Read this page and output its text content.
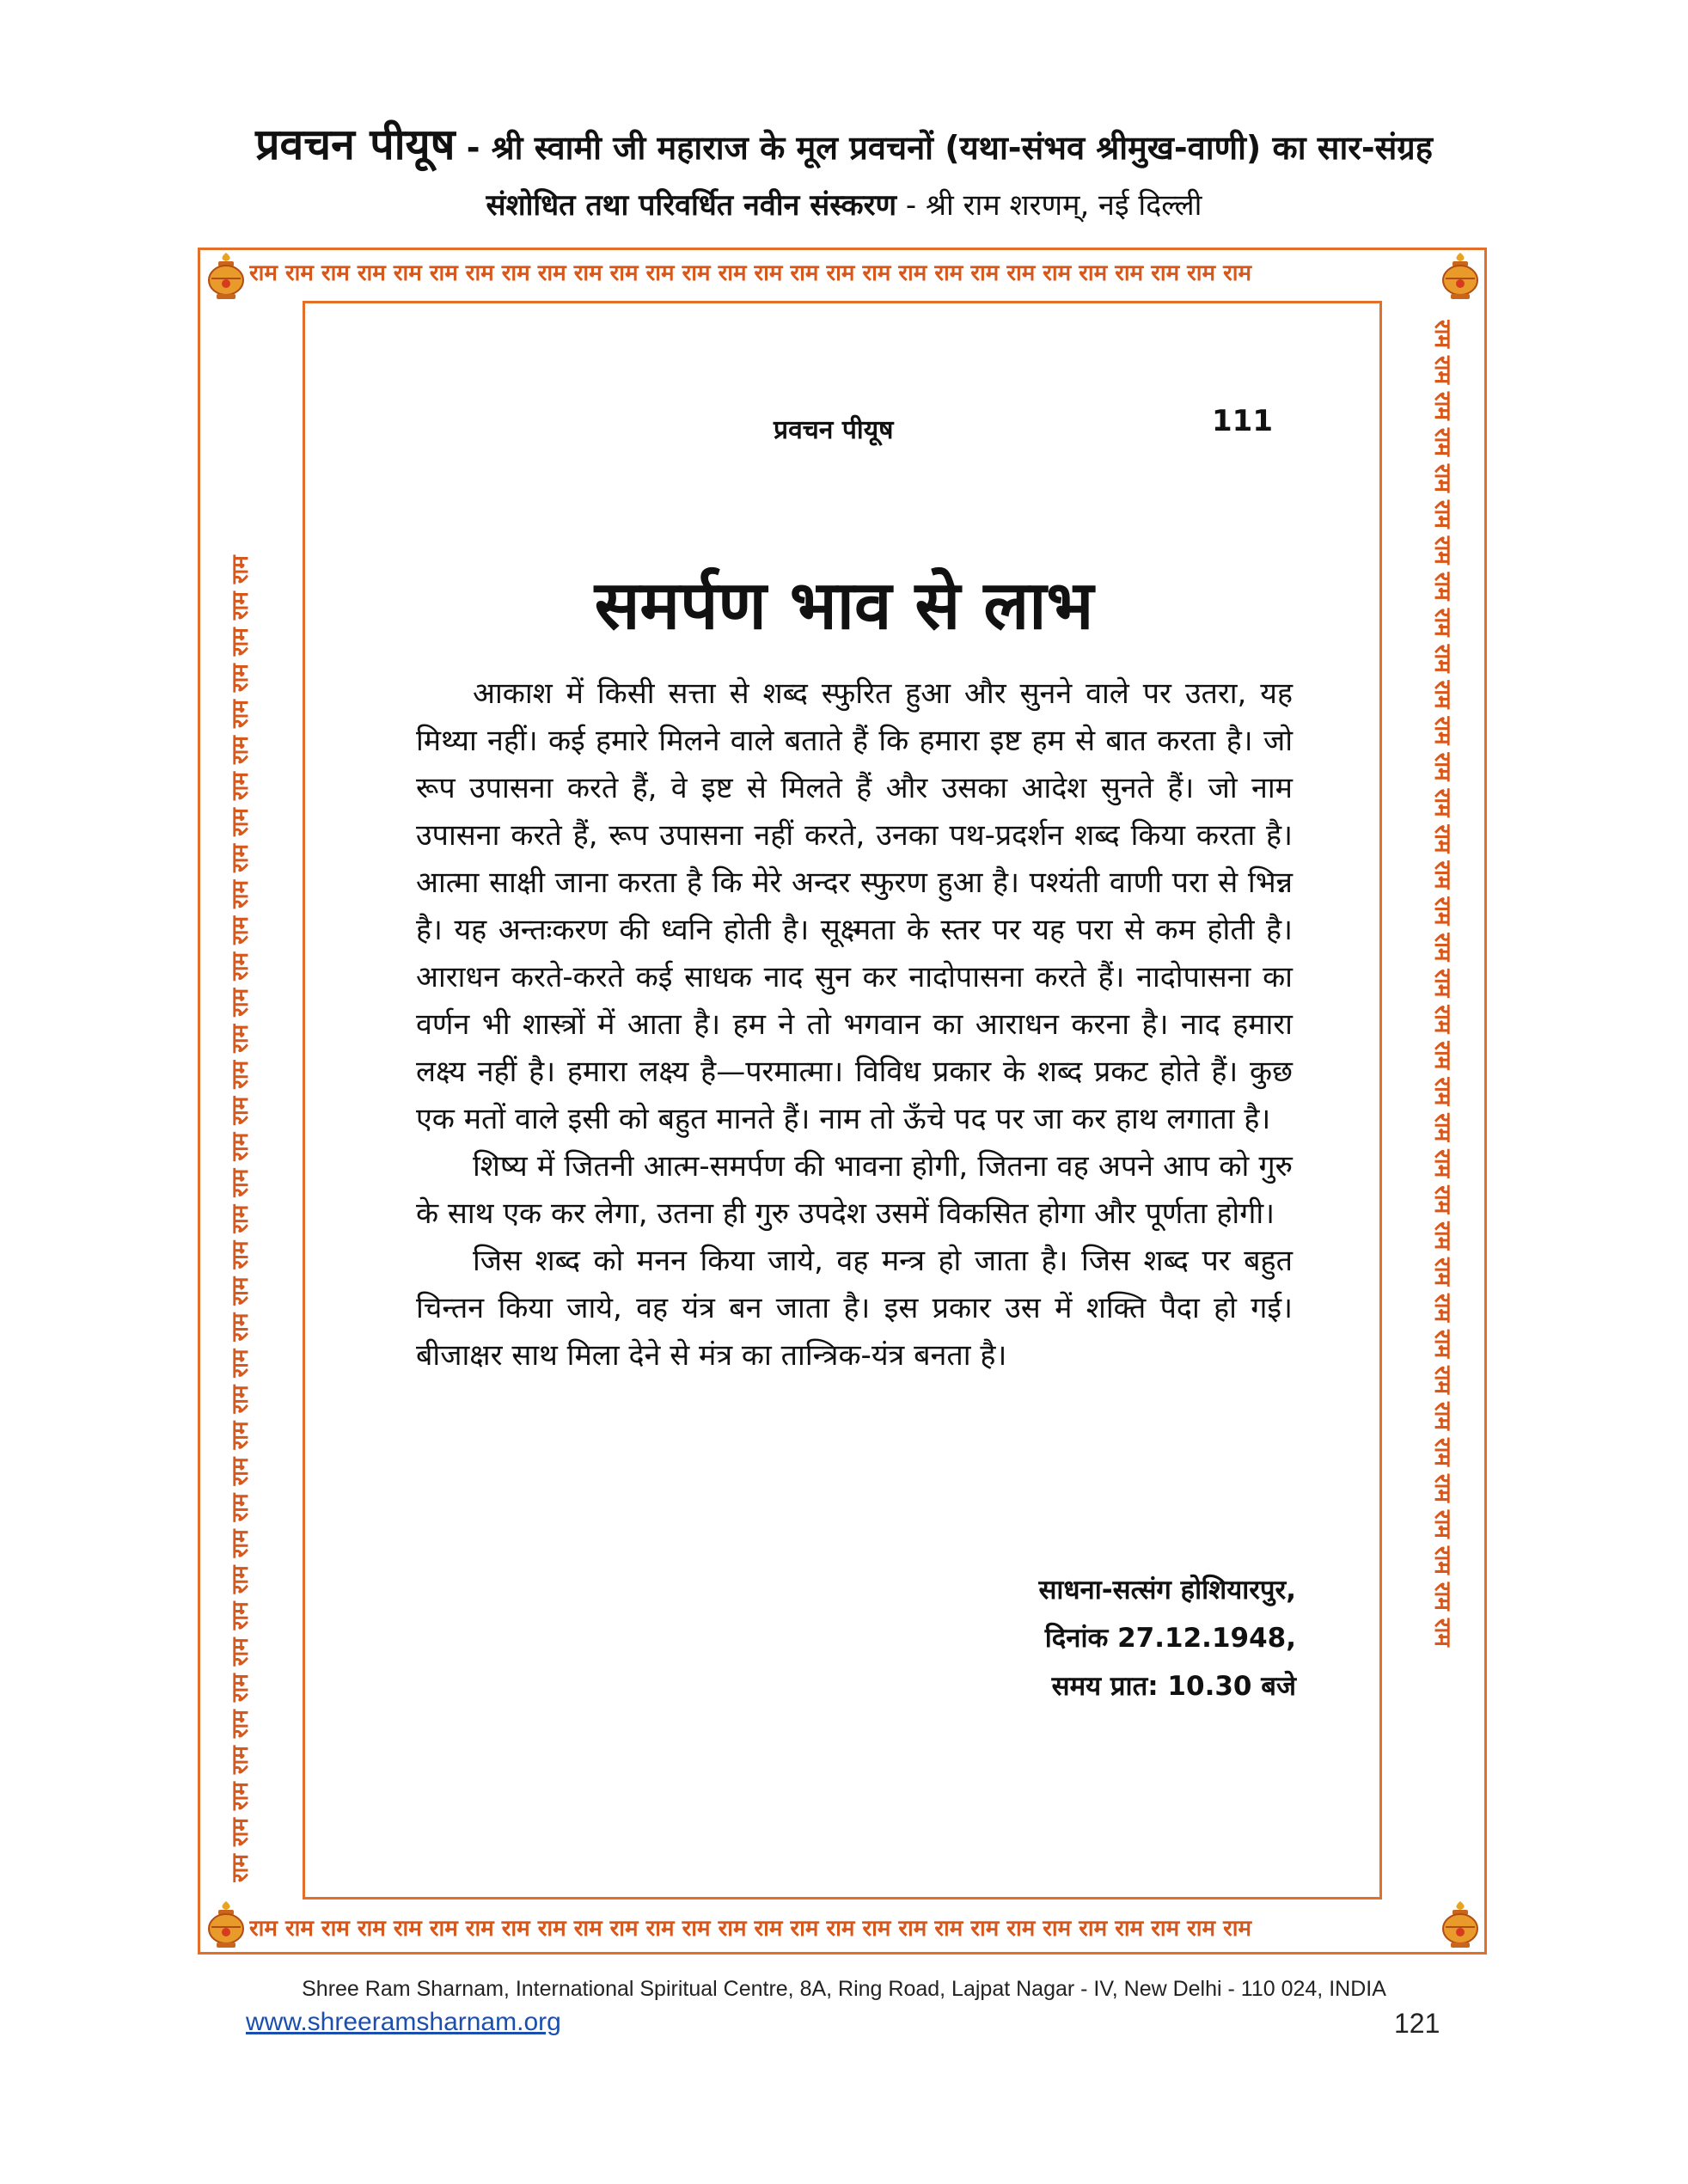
प्रवचन पीयूष - श्री स्वामी जी महाराज के मूल प्रवचनों (यथा-संभव श्रीमुख-वाणी) का सार-संग्रह
संशोधित तथा परिवर्धित नवीन संस्करण - श्री राम शरणम्, नई दिल्ली
राम राम राम राम राम राम राम राम राम राम राम राम राम राम राम राम राम राम राम राम राम राम राम राम राम राम राम राम
राम राम राम राम राम राम राम राम राम राम राम राम राम राम राम राम राम राम राम राम राम राम राम राम राम राम राम राम
राम राम राम राम राम राम राम राम राम राम राम राम राम राम राम राम राम राम राम राम राम राम राम राम राम राम राम राम राम राम राम राम राम राम राम राम राम	राम राम राम राम राम राम राम राम राम राम राम राम राम राम राम राम राम राम राम राम राम राम राम राम राम राम राम राम राम राम राम राम राम राम राम राम राम
प्रवचन पीयूष	111
समर्पण भाव से लाभ

आकाश में किसी सत्ता से शब्द स्फुरित हुआ और सुनने वाले पर उतरा, यह मिथ्या नहीं। कई हमारे मिलने वाले बताते हैं कि हमारा इष्ट हम से बात करता है। जो रूप उपासना करते हैं, वे इष्ट से मिलते हैं और उसका आदेश सुनते हैं। जो नाम उपासना करते हैं, रूप उपासना नहीं करते, उनका पथ-प्रदर्शन शब्द किया करता है। आत्मा साक्षी जाना करता है कि मेरे अन्दर स्फुरण हुआ है। पश्यंती वाणी परा से भिन्न है। यह अन्तःकरण की ध्वनि होती है। सूक्ष्मता के स्तर पर यह परा से कम होती है। आराधन करते-करते कई साधक नाद सुन कर नादोपासना करते हैं। नादोपासना का वर्णन भी शास्त्रों में आता है। हम ने तो भगवान का आराधन करना है। नाद हमारा लक्ष्य नहीं है। हमारा लक्ष्य है—परमात्मा। विविध प्रकार के शब्द प्रकट होते हैं। कुछ एक मतों वाले इसी को बहुत मानते हैं। नाम तो ऊँचे पद पर जा कर हाथ लगाता है।

शिष्य में जितनी आत्म-समर्पण की भावना होगी, जितना वह अपने आप को गुरु के साथ एक कर लेगा, उतना ही गुरु उपदेश उसमें विकसित होगा और पूर्णता होगी।

जिस शब्द को मनन किया जाये, वह मन्त्र हो जाता है। जिस शब्द पर बहुत चिन्तन किया जाये, वह यंत्र बन जाता है। इस प्रकार उस में शक्ति पैदा हो गई। बीजाक्षर साथ मिला देने से मंत्र का तान्त्रिक-यंत्र बनता है।

साधना-सत्संग होशियारपुर,
दिनांक 27.12.1948,
समय प्रात: 10.30 बजे
Shree Ram Sharnam, International Spiritual Centre, 8A, Ring Road, Lajpat Nagar - IV, New Delhi - 110 024, INDIA
www.shreeramsharnam.org	121
